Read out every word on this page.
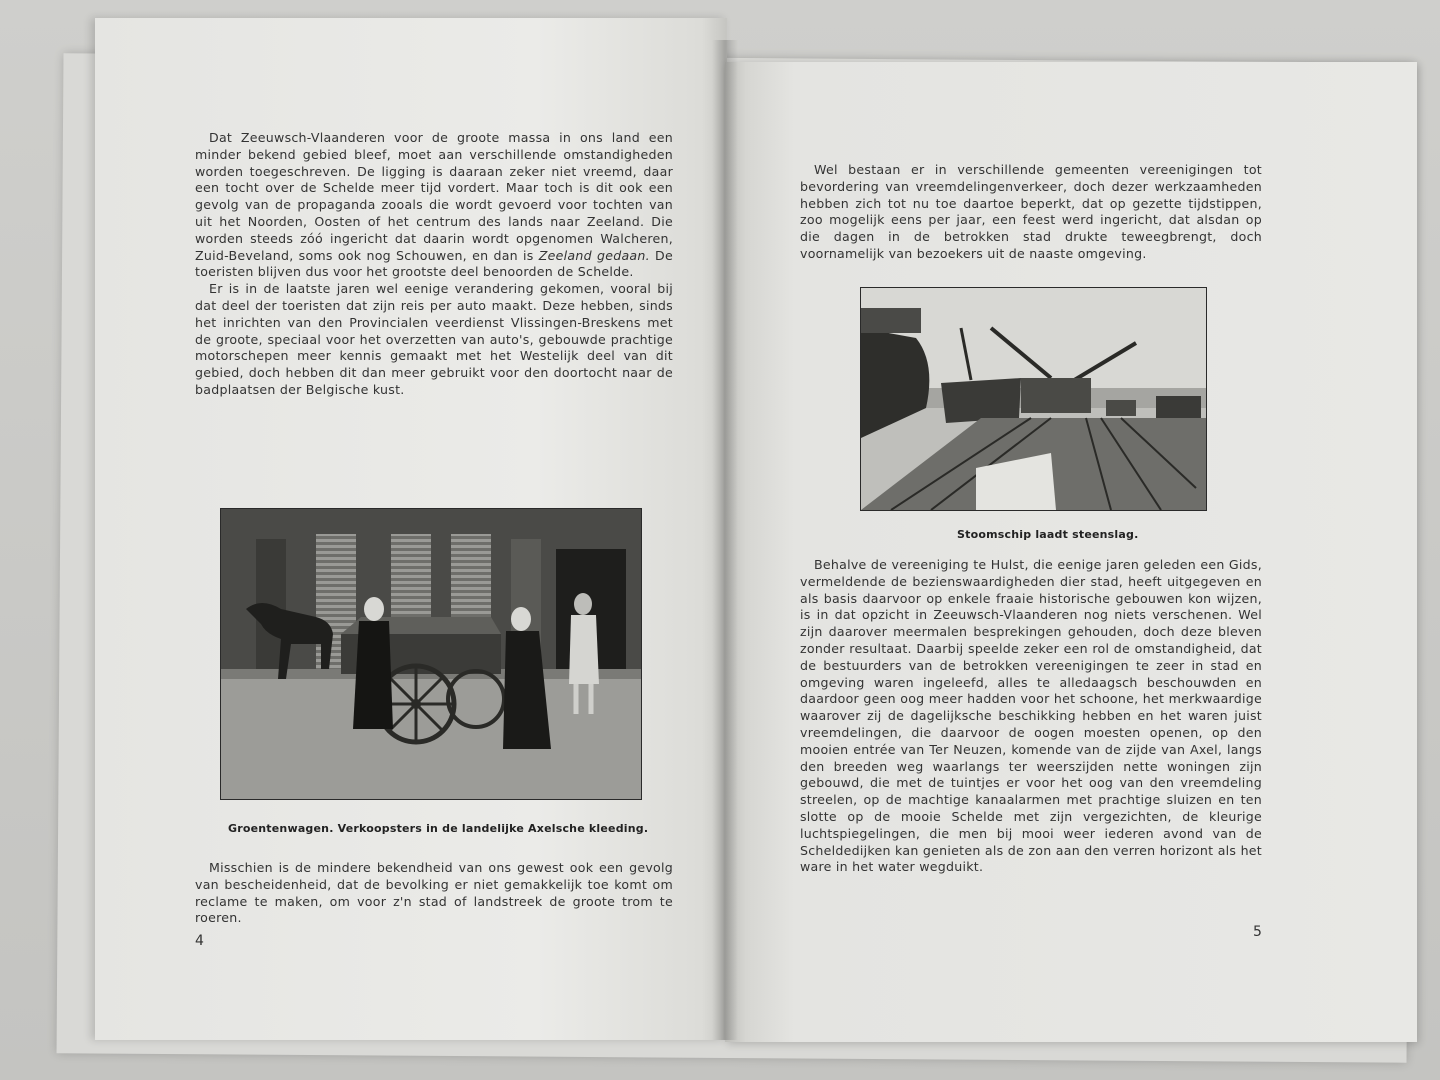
Dat Zeeuwsch-Vlaanderen voor de groote massa in ons land een minder bekend gebied bleef, moet aan verschillende omstandigheden worden toegeschreven. De ligging is daaraan zeker niet vreemd, daar een tocht over de Schelde meer tijd vordert. Maar toch is dit ook een gevolg van de propaganda zooals die wordt gevoerd voor tochten van uit het Noorden, Oosten of het centrum des lands naar Zeeland. Die worden steeds zóó ingericht dat daarin wordt opgenomen Walcheren, Zuid-Beveland, soms ook nog Schouwen, en dan is Zeeland gedaan. De toeristen blijven dus voor het grootste deel benoorden de Schelde.

Er is in de laatste jaren wel eenige verandering gekomen, vooral bij dat deel der toeristen dat zijn reis per auto maakt. Deze hebben, sinds het inrichten van den Provincialen veerdienst Vlissingen-Breskens met de groote, speciaal voor het overzetten van auto's, gebouwde prachtige motorschepen meer kennis gemaakt met het Westelijk deel van dit gebied, doch hebben dit dan meer gebruikt voor den doortocht naar de badplaatsen der Belgische kust.

Groentenwagen. Verkoopsters in de landelijke Axelsche kleeding.

Misschien is de mindere bekendheid van ons gewest ook een gevolg van bescheidenheid, dat de bevolking er niet gemakkelijk toe komt om reclame te maken, om voor z'n stad of landstreek de groote trom te roeren.

4

Wel bestaan er in verschillende gemeenten vereenigingen tot bevordering van vreemdelingenverkeer, doch dezer werkzaamheden hebben zich tot nu toe daartoe beperkt, dat op gezette tijdstippen, zoo mogelijk eens per jaar, een feest werd ingericht, dat alsdan op die dagen in de betrokken stad drukte teweegbrengt, doch voornamelijk van bezoekers uit de naaste omgeving.

Stoomschip laadt steenslag.

Behalve de vereeniging te Hulst, die eenige jaren geleden een Gids, vermeldende de bezienswaardigheden dier stad, heeft uitgegeven en als basis daarvoor op enkele fraaie historische gebouwen kon wijzen, is in dat opzicht in Zeeuwsch-Vlaanderen nog niets verschenen. Wel zijn daarover meermalen besprekingen gehouden, doch deze bleven zonder resultaat. Daarbij speelde zeker een rol de omstandigheid, dat de bestuurders van de betrokken vereenigingen te zeer in stad en omgeving waren ingeleefd, alles te alledaagsch beschouwden en daardoor geen oog meer hadden voor het schoone, het merkwaardige waarover zij de dagelijksche beschikking hebben en het waren juist vreemdelingen, die daarvoor de oogen moesten openen, op den mooien entrée van Ter Neuzen, komende van de zijde van Axel, langs den breeden weg waarlangs ter weerszijden nette woningen zijn gebouwd, die met de tuintjes er voor het oog van den vreemdeling streelen, op de machtige kanaalarmen met prachtige sluizen en ten slotte op de mooie Schelde met zijn vergezichten, de kleurige luchtspiegelingen, die men bij mooi weer iederen avond van de Scheldedijken kan genieten als de zon aan den verren horizont als het ware in het water wegduikt.

5
